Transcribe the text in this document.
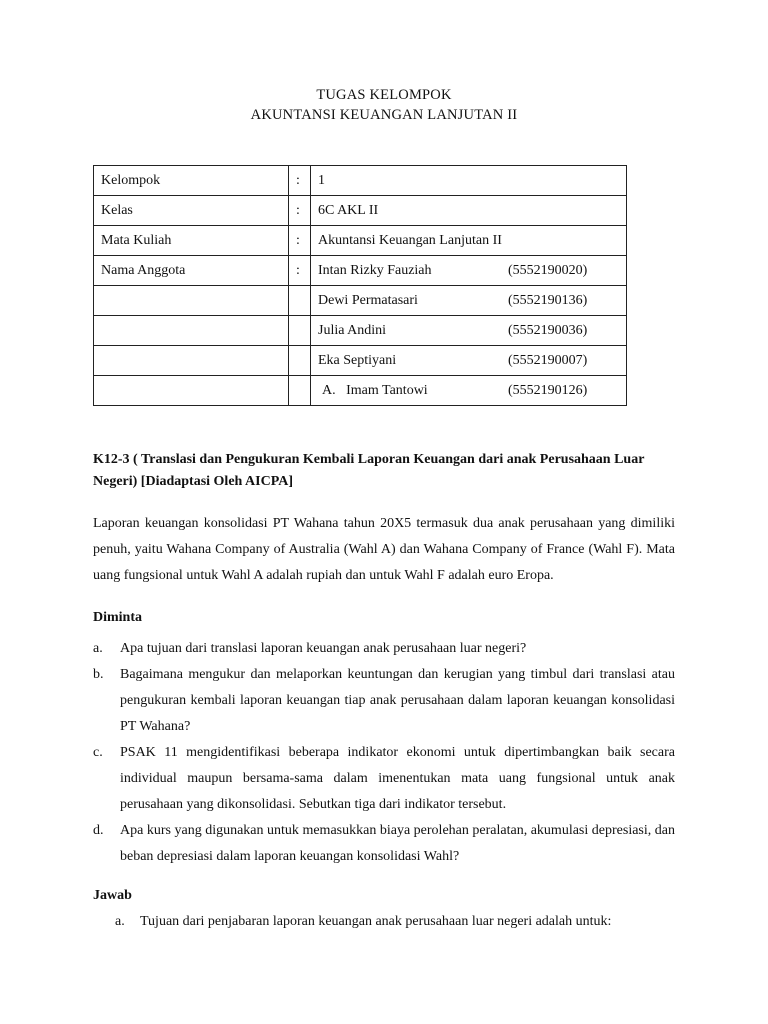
TUGAS KELOMPOK
AKUNTANSI KEUANGAN LANJUTAN II
Kelompok	:	1
Kelas	:	6C AKL II
Mata Kuliah	:	Akuntansi Keuangan Lanjutan II
Nama Anggota	:	Intan Rizky Fauziah (5552190020)
		Dewi Permatasari (5552190136)
		Julia Andini (5552190036)
		Eka Septiyani (5552190007)
		A.   Imam Tantowi (5552190126)
K12-3 ( Translasi dan Pengukuran Kembali Laporan Keuangan dari anak Perusahaan Luar Negeri) [Diadaptasi Oleh AICPA]
Laporan keuangan konsolidasi PT Wahana tahun 20X5 termasuk dua anak perusahaan yang dimiliki penuh, yaitu Wahana Company of Australia (Wahl A) dan Wahana Company of France (Wahl F). Mata uang fungsional untuk Wahl A adalah rupiah dan untuk Wahl F adalah euro Eropa.
Diminta
a.	Apa tujuan dari translasi laporan keuangan anak perusahaan luar negeri?
b.	Bagaimana mengukur dan melaporkan keuntungan dan kerugian yang timbul dari translasi atau pengukuran kembali laporan keuangan tiap anak perusahaan dalam laporan keuangan konsolidasi PT Wahana?
c.	PSAK 11 mengidentifikasi beberapa indikator ekonomi untuk dipertimbangkan baik secara individual maupun bersama-sama dalam imenentukan mata uang fungsional untuk anak perusahaan yang dikonsolidasi. Sebutkan tiga dari indikator tersebut.
d.	Apa kurs yang digunakan untuk memasukkan biaya perolehan peralatan, akumulasi depresiasi, dan beban depresiasi dalam laporan keuangan konsolidasi Wahl?
Jawab
a.	Tujuan dari penjabaran laporan keuangan anak perusahaan luar negeri adalah untuk:
